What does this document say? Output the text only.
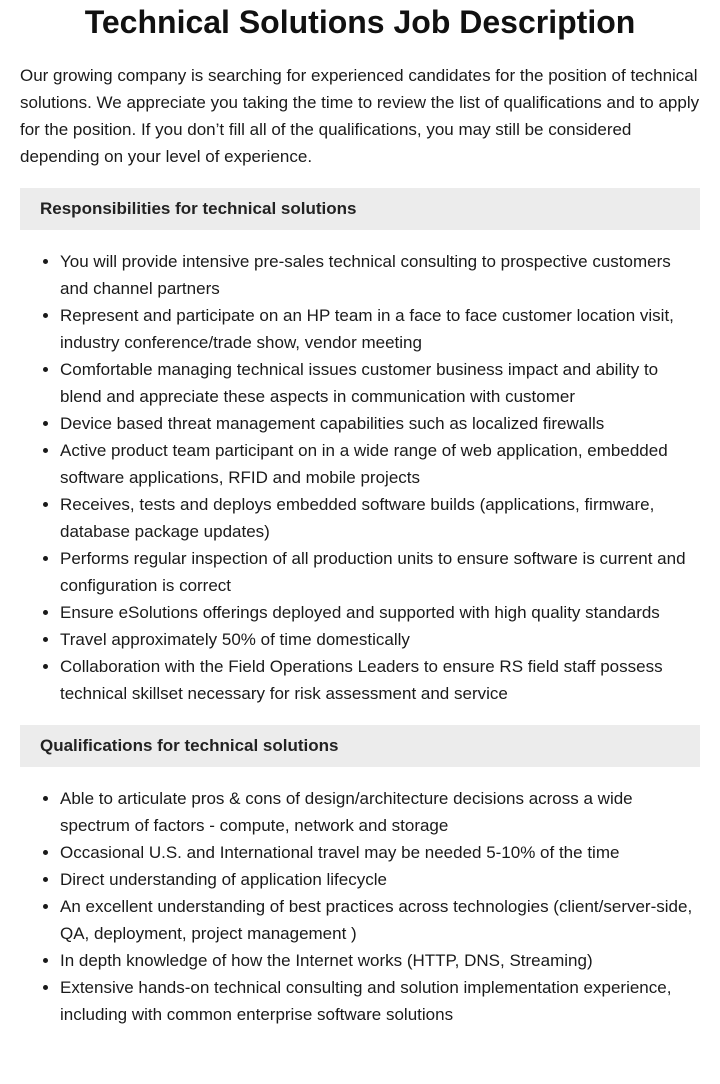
Technical Solutions Job Description

Our growing company is searching for experienced candidates for the position of technical solutions. We appreciate you taking the time to review the list of qualifications and to apply for the position. If you don’t fill all of the qualifications, you may still be considered depending on your level of experience.

Responsibilities for technical solutions
• You will provide intensive pre-sales technical consulting to prospective customers and channel partners
• Represent and participate on an HP team in a face to face customer location visit, industry conference/trade show, vendor meeting
• Comfortable managing technical issues customer business impact and ability to blend and appreciate these aspects in communication with customer
• Device based threat management capabilities such as localized firewalls
• Active product team participant on in a wide range of web application, embedded software applications, RFID and mobile projects
• Receives, tests and deploys embedded software builds (applications, firmware, database package updates)
• Performs regular inspection of all production units to ensure software is current and configuration is correct
• Ensure eSolutions offerings deployed and supported with high quality standards
• Travel approximately 50% of time domestically
• Collaboration with the Field Operations Leaders to ensure RS field staff possess technical skillset necessary for risk assessment and service
Qualifications for technical solutions
• Able to articulate pros & cons of design/architecture decisions across a wide spectrum of factors - compute, network and storage
• Occasional U.S. and International travel may be needed 5-10% of the time
• Direct understanding of application lifecycle
• An excellent understanding of best practices across technologies (client/server-side, QA, deployment, project management )
• In depth knowledge of how the Internet works (HTTP, DNS, Streaming)
• Extensive hands-on technical consulting and solution implementation experience, including with common enterprise software solutions
